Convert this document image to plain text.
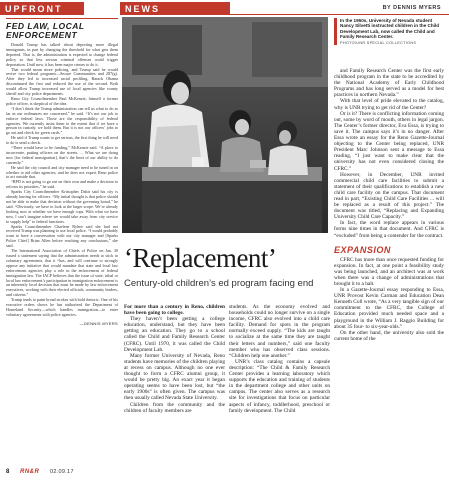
UPFRONT	NEWS	BY DENNIS MYERS
FED LAW, LOCAL ENFORCEMENT

Donald Trump has talked about deporting more illegal immigrants, in part by changing the threshold for what gets them deported. That is, the administration is expected to change federal policy so that less serious criminal offenses could trigger deportation. Until now, it has been major crimes to do it.

That would mean more policing, and Trump said he would revive two federal programs—Secure Communities and 287(g). After they led to increased racial profiling, Barack Obama discontinued the first and reduced the use of the second. Both would allow Trump increased use of local agencies like county sheriff and city police departments.

Reno City Councilmember Paul McKenzie, himself a former police officer, is skeptical of the idea.

“I don’t think the Trump administration can tell us what to do as far as our ordinances are concerned,” he said. “It’s not our job to enforce federal laws. Those are the responsibility of federal agencies. We currently assist them to the extent that if we have a person in custody, we hold them. But it is not our officers’ jobs to go out and check for green cards.”

He said if Trump wants to get serious, the first thing he will need to do is send a check.

“There would have to be funding,” McKenzie said. “A place to incarcerate, putting officers on the streets. ... What we are doing now [for federal immigration], that’s the limit of our ability to do currently.”

He said the city council and city manager need to be tuned in on whether to aid other agencies, and he does not expect Reno police to act outside that.

“RPD is not going to go out on their own and make a decision to refocus its priorities,” he said.

Sparks City Councilmember Kristopher Dahir said his city is already hurting for officers. “My initial thought is that police should not be able to make that decision without the governing board,” he said. “Obviously, we have to look at the larger scope. We’re already looking now at whether we have enough cops. With what we have now, I can’t imagine where we would take away from city service to supply help” to federal functions.

Sparks Councilmember Charlene Bybee said she had not received Trump was planning to use local police. “I would probably want to have a conversation with our city manager and [Sparks Police Chief] Brian Allen before reaching any conclusions,” she said.

The International Association of Chiefs of Police on Jan. 30 issued a statement saying that the administration needs to stick to voluntary agreements, that it “has, and will continue to strongly oppose any initiative that would mandate that state and local law enforcement agencies play a role in the enforcement of federal immigration law. The IACP believes that the issue of state, tribal or local law enforcement’s participation in immigration enforcement is an inherently local decision that must be made by law enforcement executives, working with their elected officials, community leaders, and citizens.”

Trump tends to paint broad strokes with bold rhetoric. One of his executive orders shows he has authorized the Department of Homeland Security—which handles immigration—to enter voluntary agreements with police agencies.

—DENNIS MYERS
In the 1950s, University of Nevada student Nancy Silvetti instructed children in the Child Development Lab, now called the Child and Family Research Center.
PHOTO/UNR SPECIAL COLLECTIONS

and Family Research Center was the first early childhood program in the state to be accredited by the National Academy of Early Childhood Programs and has long served as a model for best practices in northern Nevada.”

With that level of pride elevated to the catalog, why is UNR trying to get rid of the Center?

Or is it? There is conflicting information coming out, some by word of mouth, others in legal jargon. The Center’s former director, Eva Essa, is trying to save it. The campus says it’s in no danger. After Essa wrote an essay for the Reno Gazette-Journal objecting to the Center being replaced, UNR President Marc Johnson sent a message to Essa reading, “I just want to make clear that the university has not even considered closing the CFRC.”

However, in December, UNR invited commercial child care facilities to submit a statement of their qualifications to establish a new child care facility on the campus. That document read in part, “Existing Child Care Facilities ... will be replaced as a result of this project.” The document was titled, “Replacing and Expanding University Child Care Capacity.”

In fact, the word replace appears in various forms nine times in that document. And CFRC is “excluded” from being a contender for the contract.

EXPANSION

CFRC has more than once requested funding for expansion. In fact, at one point a feasibility study was being launched, and an architect was at work when there was a change of administrations that brought it to a halt.

In a Gazette-Journal essay responding to Essa, UNR Provost Kevin Carman and Education Dean Kenneth Coll wrote, “As a very tangible sign of our commitment to the CFRC, the College of Education provided much needed space and a playground in the William J. Raggio Building for about 35 four- to six-year-olds.”

On the other hand, the university also sold the current home of the

‘Replacement’
Century-old children’s ed program facing end

For more than a century in Reno, children have been going to college.

They haven’t been getting a college education, understand, but they have been getting an education. They go to a school called the Child and Family Research Center (CFRC). Until 1970, it was called the Child Development Lab.

Many former University of Nevada, Reno students have memories of the children playing at recess on campus. Although no one ever thought to form a CFRC alumni group, it would be pretty big. An exact year it began operating seems to have been lost, but “the early 1900s” is often given. The campus was then usually called Nevada State University.

Children from the community and the children of faculty members are

students. As the economy evolved and households could no longer survive on a single income, CFRC also evolved into a child care facility. Demand for spots in the program normally exceed supply. “The kids are taught to socialize at the same time they are taught their letters and numbers,” said one faculty member who has observed class sessions. “Children help one another.”

UNR’s class catalog contains a capsule description: “The Child & Family Research Center provides a learning laboratory which supports the education and training of students in the department college and other units on campus. The center also serves as a research site for investigations that focus on particular aspects of infancy, toddlerhood, preschool or family development. The Child

8 RN&R 02.09.17
